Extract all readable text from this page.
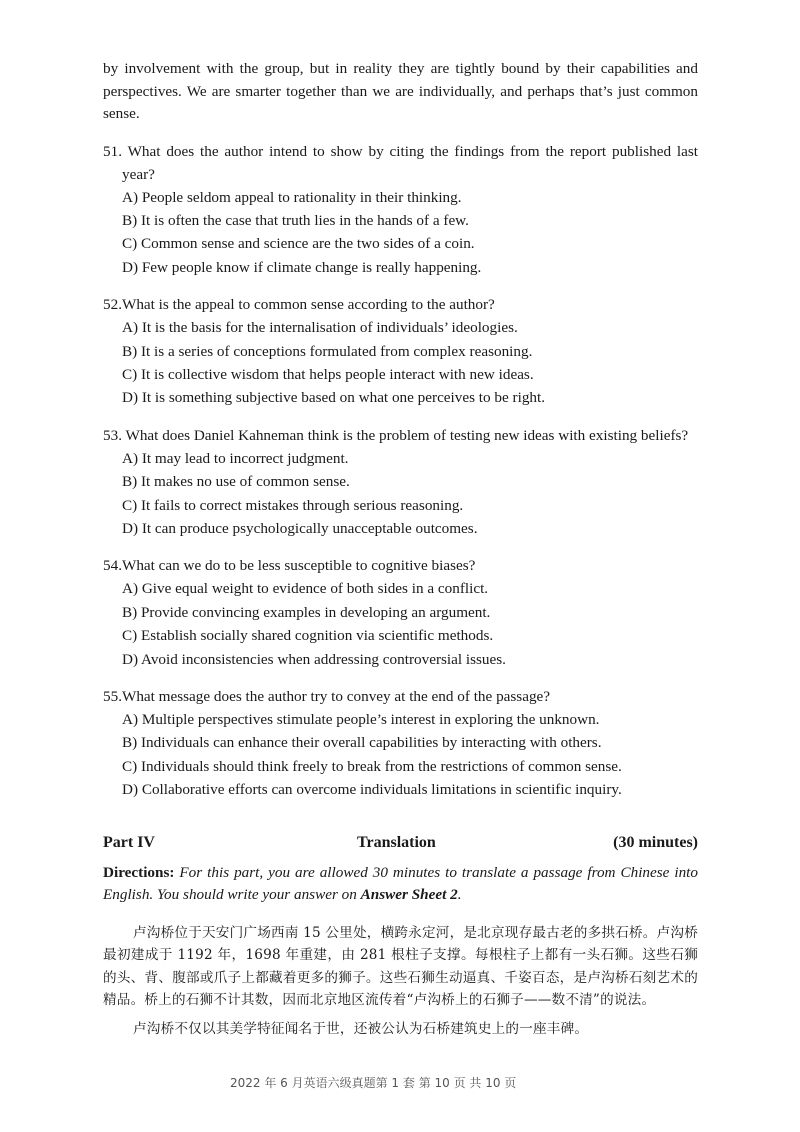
by involvement with the group, but in reality they are tightly bound by their capabilities and perspectives. We are smarter together than we are individually, and perhaps that’s just common sense.

51. What does the author intend to show by citing the findings from the report published last year?

A) People seldom appeal to rationality in their thinking.

B) It is often the case that truth lies in the hands of a few.

C) Common sense and science are the two sides of a coin.

D) Few people know if climate change is really happening.

52.What is the appeal to common sense according to the author?

A) It is the basis for the internalisation of individuals’ ideologies.

B) It is a series of conceptions formulated from complex reasoning.

C) It is collective wisdom that helps people interact with new ideas.

D) It is something subjective based on what one perceives to be right.

53. What does Daniel Kahneman think is the problem of testing new ideas with existing beliefs?

A) It may lead to incorrect judgment.

B) It makes no use of common sense.

C) It fails to correct mistakes through serious reasoning.

D) It can produce psychologically unacceptable outcomes.

54.What can we do to be less susceptible to cognitive biases?

A) Give equal weight to evidence of both sides in a conflict.

B) Provide convincing examples in developing an argument.

C) Establish socially shared cognition via scientific methods.

D) Avoid inconsistencies when addressing controversial issues.

55.What message does the author try to convey at the end of the passage?

A) Multiple perspectives stimulate people’s interest in exploring the unknown.

B) Individuals can enhance their overall capabilities by interacting with others.

C) Individuals should think freely to break from the restrictions of common sense.

D) Collaborative efforts can overcome individuals limitations in scientific inquiry.

Part IV	Translation	(30 minutes)

Directions: For this part, you are allowed 30 minutes to translate a passage from Chinese into English. You should write your answer on Answer Sheet 2.

卢沟桥位于天安门广场西南 15 公里处，横跨永定河，是北京现存最古老的多拱石桥。卢沟桥最初建成于 1192 年，1698 年重建，由 281 根柱子支撑。每根柱子上都有一头石狮。这些石狮的头、背、腹部或爪子上都藏着更多的狮子。这些石狮生动逼真、千姿百态，是卢沟桥石刻艺术的精品。桥上的石狮不计其数，因而北京地区流传着“卢沟桥上的石狮子——数不清”的说法。

卢沟桥不仅以其美学特征闻名于世，还被公认为石桥建筑史上的一座丰碑。

2022 年 6 月英语六级真题第 1 套 第 10 页 共 10 页
